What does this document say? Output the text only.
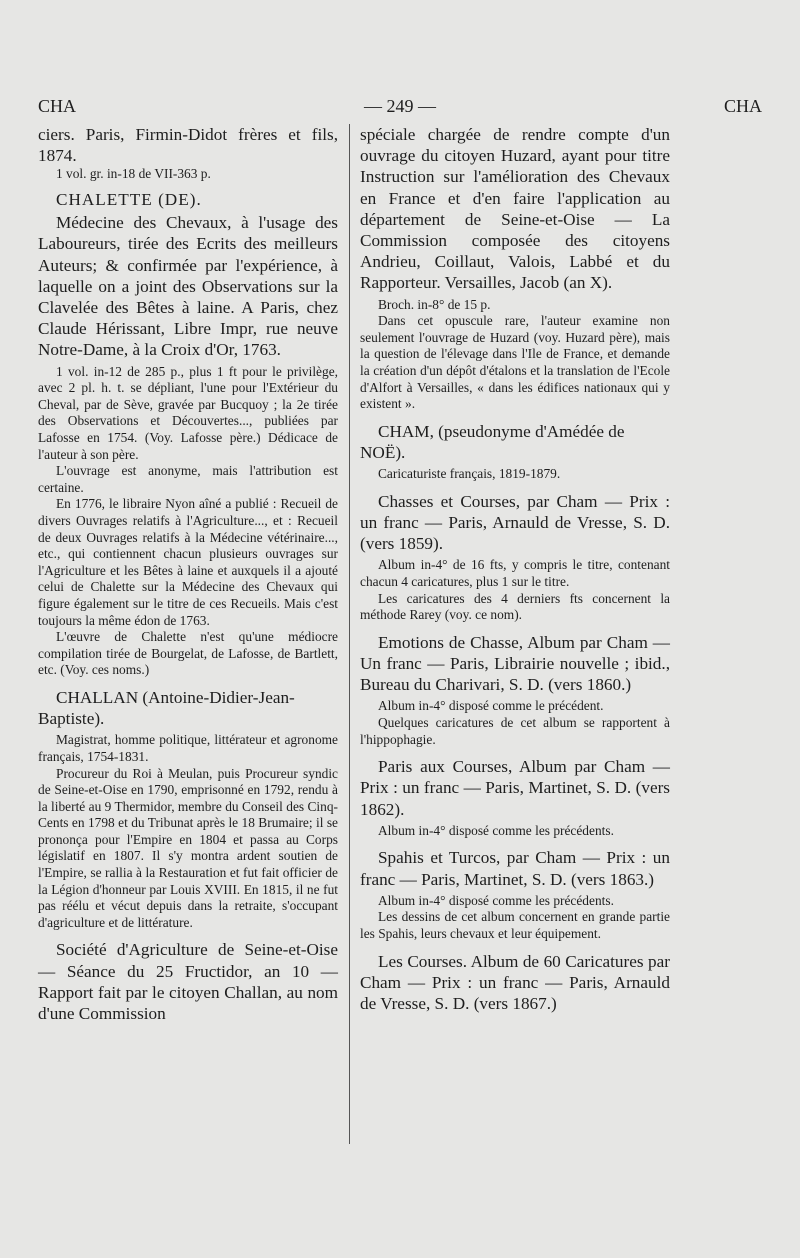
CHA	— 249 —	CHA

ciers. Paris, Firmin-Didot frères et fils, 1874.

1 vol. gr. in-18 de VII-363 p.

CHALETTE (DE).

Médecine des Chevaux, à l'usage des Laboureurs, tirée des Ecrits des meilleurs Auteurs; & confirmée par l'expérience, à laquelle on a joint des Observations sur la Clavelée des Bêtes à laine. A Paris, chez Claude Hérissant, Libre Impr, rue neuve Notre-Dame, à la Croix d'Or, 1763.

1 vol. in-12 de 285 p., plus 1 ft pour le privilège, avec 2 pl. h. t. se dépliant, l'une pour l'Extérieur du Cheval, par de Sève, gravée par Bucquoy ; la 2e tirée des Observations et Découvertes..., publiées par Lafosse en 1754. (Voy. Lafosse père.) Dédicace de l'auteur à son père.

L'ouvrage est anonyme, mais l'attribution est certaine.

En 1776, le libraire Nyon aîné a publié : Recueil de divers Ouvrages relatifs à l'Agriculture..., et : Recueil de deux Ouvrages relatifs à la Médecine vétérinaire..., etc., qui contiennent chacun plusieurs ouvrages sur l'Agriculture et les Bêtes à laine et auxquels il a ajouté celui de Chalette sur la Médecine des Chevaux qui figure également sur le titre de ces Recueils. Mais c'est toujours la même édon de 1763.

L'œuvre de Chalette n'est qu'une médiocre compilation tirée de Bourgelat, de Lafosse, de Bartlett, etc. (Voy. ces noms.)

CHALLAN (Antoine-Didier-Jean-Baptiste).

Magistrat, homme politique, littérateur et agronome français, 1754-1831.

Procureur du Roi à Meulan, puis Procureur syndic de Seine-et-Oise en 1790, emprisonné en 1792, rendu à la liberté au 9 Thermidor, membre du Conseil des Cinq-Cents en 1798 et du Tribunat après le 18 Brumaire; il se prononça pour l'Empire en 1804 et passa au Corps législatif en 1807. Il s'y montra ardent soutien de l'Empire, se rallia à la Restauration et fut fait officier de la Légion d'honneur par Louis XVIII. En 1815, il ne fut pas réélu et vécut depuis dans la retraite, s'occupant d'agriculture et de littérature.

Société d'Agriculture de Seine-et-Oise — Séance du 25 Fructidor, an 10 — Rapport fait par le citoyen Challan, au nom d'une Commission

spéciale chargée de rendre compte d'un ouvrage du citoyen Huzard, ayant pour titre Instruction sur l'amélioration des Chevaux en France et d'en faire l'application au département de Seine-et-Oise — La Commission composée des citoyens Andrieu, Coillaut, Valois, Labbé et du Rapporteur. Versailles, Jacob (an X).

Broch. in-8° de 15 p.

Dans cet opuscule rare, l'auteur examine non seulement l'ouvrage de Huzard (voy. Huzard père), mais la question de l'élevage dans l'Ile de France, et demande la création d'un dépôt d'étalons et la translation de l'Ecole d'Alfort à Versailles, « dans les édifices nationaux qui y existent ».

CHAM, (pseudonyme d'Amédée de NOË).

Caricaturiste français, 1819-1879.

Chasses et Courses, par Cham — Prix : un franc — Paris, Arnauld de Vresse, S. D. (vers 1859).

Album in-4° de 16 fts, y compris le titre, contenant chacun 4 caricatures, plus 1 sur le titre.

Les caricatures des 4 derniers fts concernent la méthode Rarey (voy. ce nom).

Emotions de Chasse, Album par Cham — Un franc — Paris, Librairie nouvelle ; ibid., Bureau du Charivari, S. D. (vers 1860.)

Album in-4° disposé comme le précédent.

Quelques caricatures de cet album se rapportent à l'hippophagie.

Paris aux Courses, Album par Cham — Prix : un franc — Paris, Martinet, S. D. (vers 1862).

Album in-4° disposé comme les précédents.

Spahis et Turcos, par Cham — Prix : un franc — Paris, Martinet, S. D. (vers 1863.)

Album in-4° disposé comme les précédents.

Les dessins de cet album concernent en grande partie les Spahis, leurs chevaux et leur équipement.

Les Courses. Album de 60 Caricatures par Cham — Prix : un franc — Paris, Arnauld de Vresse, S. D. (vers 1867.)
